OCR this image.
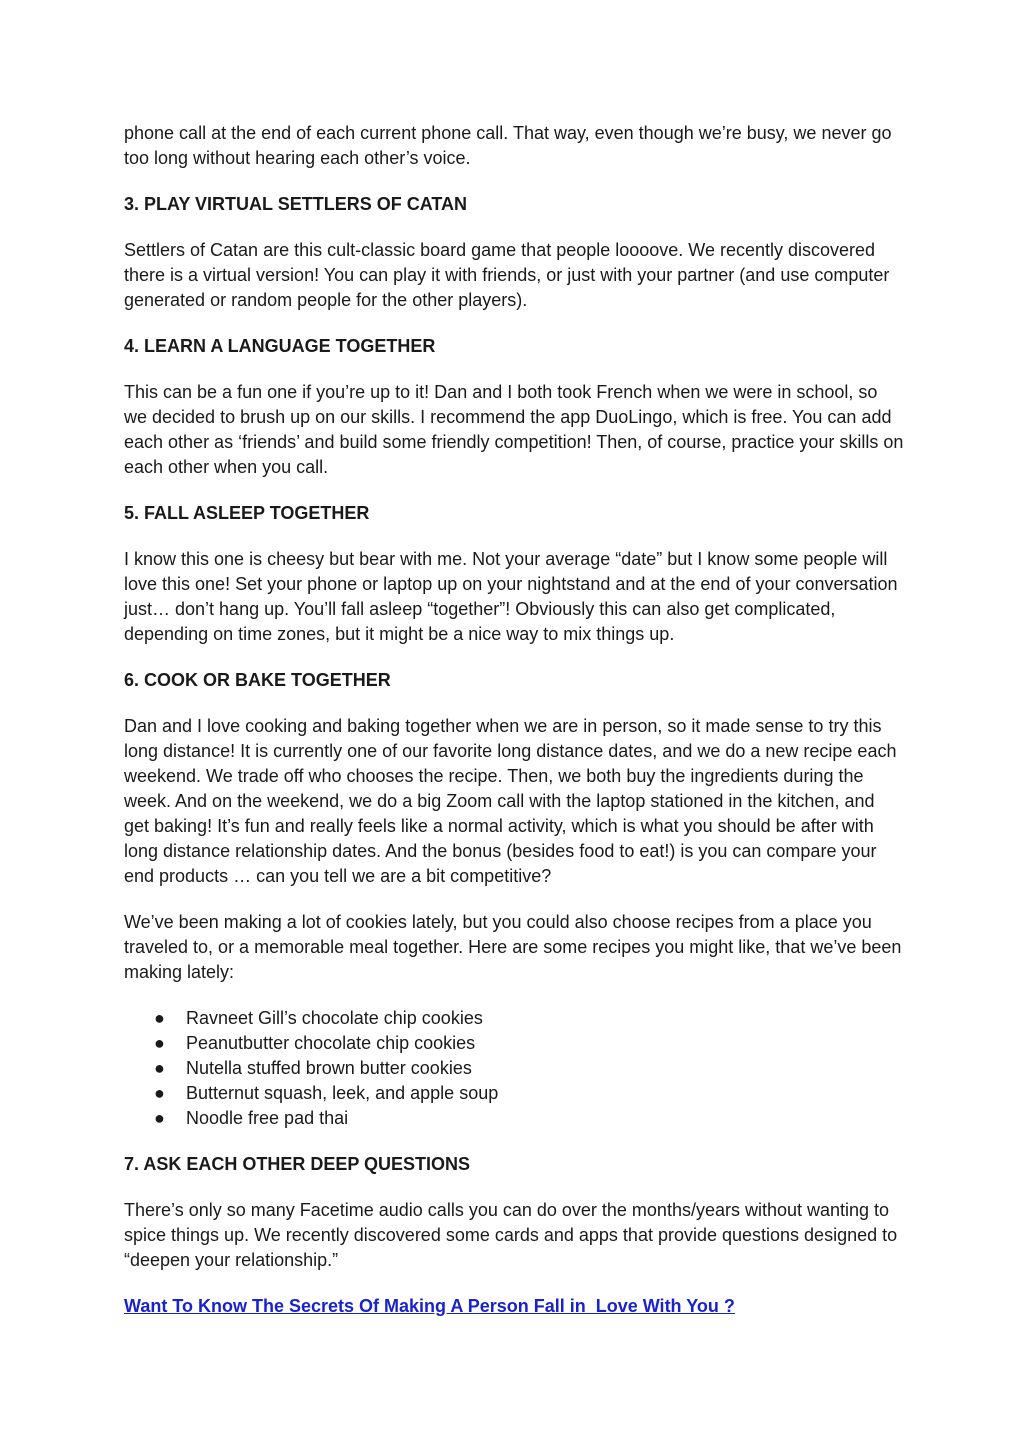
phone call at the end of each current phone call. That way, even though we’re busy, we never go too long without hearing each other’s voice.

3. PLAY VIRTUAL SETTLERS OF CATAN

Settlers of Catan are this cult-classic board game that people loooove. We recently discovered there is a virtual version! You can play it with friends, or just with your partner (and use computer generated or random people for the other players).

4. LEARN A LANGUAGE TOGETHER

This can be a fun one if you’re up to it! Dan and I both took French when we were in school, so we decided to brush up on our skills. I recommend the app DuoLingo, which is free. You can add each other as ‘friends’ and build some friendly competition! Then, of course, practice your skills on each other when you call.

5. FALL ASLEEP TOGETHER

I know this one is cheesy but bear with me. Not your average “date” but I know some people will love this one! Set your phone or laptop up on your nightstand and at the end of your conversation just… don’t hang up. You’ll fall asleep “together”! Obviously this can also get complicated, depending on time zones, but it might be a nice way to mix things up.

6. COOK OR BAKE TOGETHER

Dan and I love cooking and baking together when we are in person, so it made sense to try this long distance! It is currently one of our favorite long distance dates, and we do a new recipe each weekend. We trade off who chooses the recipe. Then, we both buy the ingredients during the week. And on the weekend, we do a big Zoom call with the laptop stationed in the kitchen, and get baking! It’s fun and really feels like a normal activity, which is what you should be after with long distance relationship dates. And the bonus (besides food to eat!) is you can compare your end products … can you tell we are a bit competitive?

We’ve been making a lot of cookies lately, but you could also choose recipes from a place you traveled to, or a memorable meal together. Here are some recipes you might like, that we’ve been making lately:

● Ravneet Gill’s chocolate chip cookies
● Peanutbutter chocolate chip cookies
● Nutella stuffed brown butter cookies
● Butternut squash, leek, and apple soup
● Noodle free pad thai
7. ASK EACH OTHER DEEP QUESTIONS

There’s only so many Facetime audio calls you can do over the months/years without wanting to spice things up. We recently discovered some cards and apps that provide questions designed to “deepen your relationship.”

Want To Know The Secrets Of Making A Person Fall in  Love With You ?
